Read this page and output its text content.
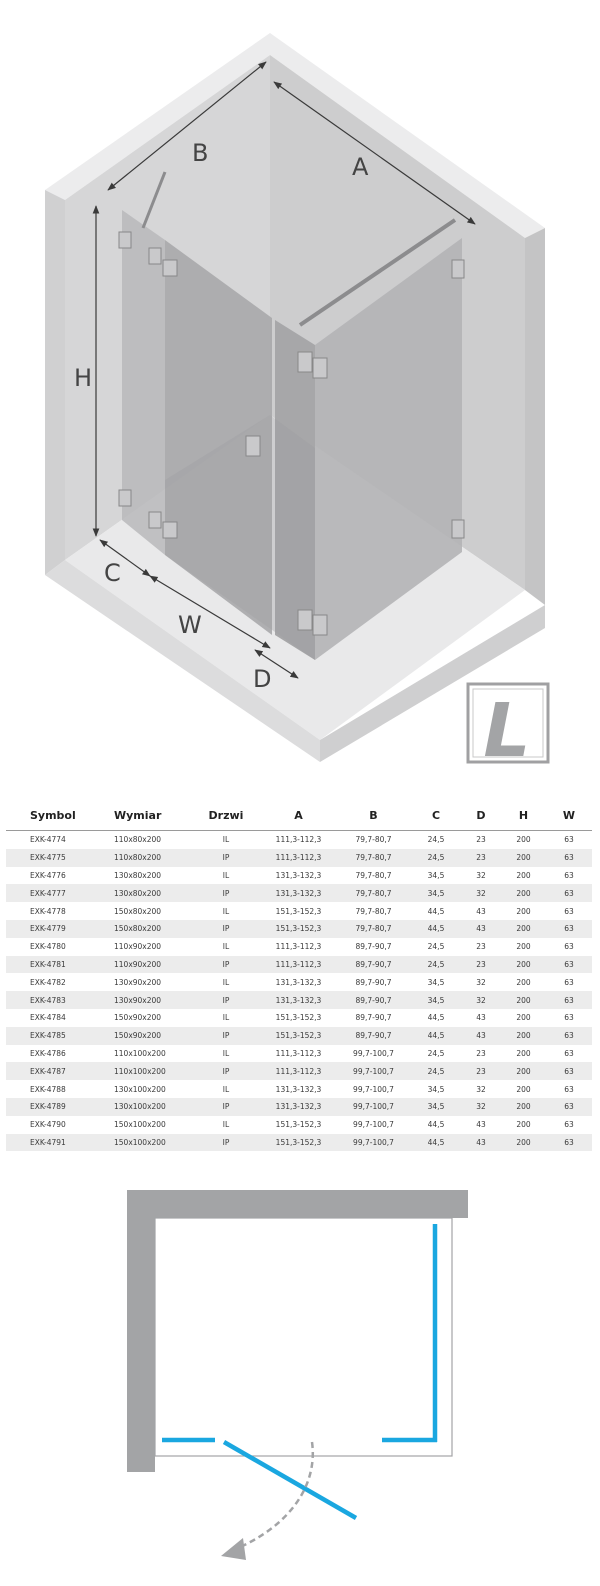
B	A
H
C
W
D
L
Symbol	Wymiar	Drzwi	A	B	C	D	H	W
EXK-4774	110x80x200	IL	111,3-112,3	79,7-80,7	24,5	23	200	63
EXK-4775	110x80x200	IP	111,3-112,3	79,7-80,7	24,5	23	200	63
EXK-4776	130x80x200	IL	131,3-132,3	79,7-80,7	34,5	32	200	63
EXK-4777	130x80x200	IP	131,3-132,3	79,7-80,7	34,5	32	200	63
EXK-4778	150x80x200	IL	151,3-152,3	79,7-80,7	44,5	43	200	63
EXK-4779	150x80x200	IP	151,3-152,3	79,7-80,7	44,5	43	200	63
EXK-4780	110x90x200	IL	111,3-112,3	89,7-90,7	24,5	23	200	63
EXK-4781	110x90x200	IP	111,3-112,3	89,7-90,7	24,5	23	200	63
EXK-4782	130x90x200	IL	131,3-132,3	89,7-90,7	34,5	32	200	63
EXK-4783	130x90x200	IP	131,3-132,3	89,7-90,7	34,5	32	200	63
EXK-4784	150x90x200	IL	151,3-152,3	89,7-90,7	44,5	43	200	63
EXK-4785	150x90x200	IP	151,3-152,3	89,7-90,7	44,5	43	200	63
EXK-4786	110x100x200	IL	111,3-112,3	99,7-100,7	24,5	23	200	63
EXK-4787	110x100x200	IP	111,3-112,3	99,7-100,7	24,5	23	200	63
EXK-4788	130x100x200	IL	131,3-132,3	99,7-100,7	34,5	32	200	63
EXK-4789	130x100x200	IP	131,3-132,3	99,7-100,7	34,5	32	200	63
EXK-4790	150x100x200	IL	151,3-152,3	99,7-100,7	44,5	43	200	63
EXK-4791	150x100x200	IP	151,3-152,3	99,7-100,7	44,5	43	200	63
